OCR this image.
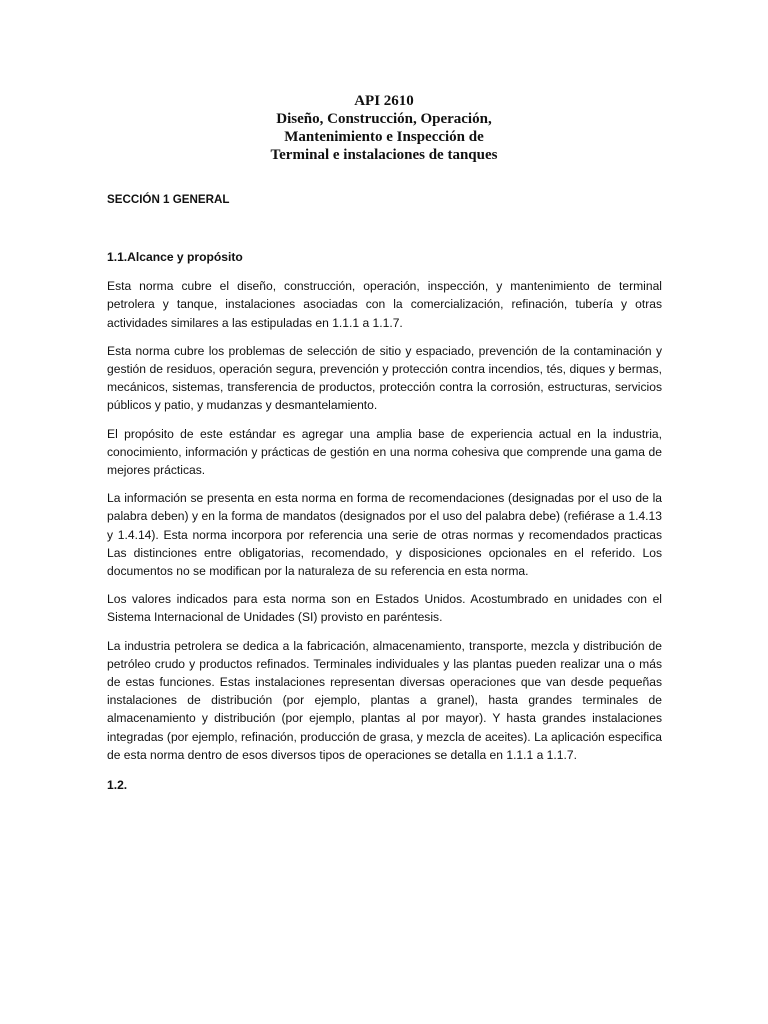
API 2610
Diseño, Construcción, Operación,
Mantenimiento e Inspección de
Terminal e instalaciones de tanques
SECCIÓN 1 GENERAL
1.1.Alcance y propósito

Esta norma cubre el diseño, construcción, operación, inspección, y mantenimiento de terminal petrolera y tanque, instalaciones asociadas con la comercialización, refinación, tubería y otras actividades similares a las estipuladas en 1.1.1 a 1.1.7.

Esta norma cubre los problemas de selección de sitio y espaciado, prevención de la contaminación y gestión de residuos, operación segura, prevención y protección contra incendios, tés, diques y bermas, mecánicos, sistemas, transferencia de productos, protección contra la corrosión, estructuras, servicios públicos y patio, y mudanzas y desmantelamiento.

El propósito de este estándar es agregar una amplia base de experiencia actual en la industria, conocimiento, información y prácticas de gestión en una norma cohesiva que comprende una gama de mejores prácticas.

La información se presenta en esta norma en forma de recomendaciones (designadas por el uso de la palabra deben) y en la forma de mandatos (designados por el uso del palabra debe) (refiérase a 1.4.13 y 1.4.14). Esta norma incorpora por referencia una serie de otras normas y recomendados practicas Las distinciones entre obligatorias, recomendado, y disposiciones opcionales en el referido. Los documentos no se modifican por la naturaleza de su referencia en esta norma.

Los valores indicados para esta norma son en Estados Unidos. Acostumbrado en unidades con el Sistema Internacional de Unidades (SI) provisto en paréntesis.

La industria petrolera se dedica a la fabricación, almacenamiento, transporte, mezcla y distribución de petróleo crudo y productos refinados. Terminales individuales y las plantas pueden realizar una o más de estas funciones. Estas instalaciones representan diversas operaciones que van desde pequeñas instalaciones de distribución (por ejemplo, plantas a granel), hasta grandes terminales de almacenamiento y distribución (por ejemplo, plantas al por mayor). Y hasta grandes instalaciones integradas (por ejemplo, refinación, producción de grasa, y mezcla de aceites). La aplicación especifica de esta norma dentro de esos diversos tipos de operaciones se detalla en 1.1.1 a 1.1.7.

1.2.
